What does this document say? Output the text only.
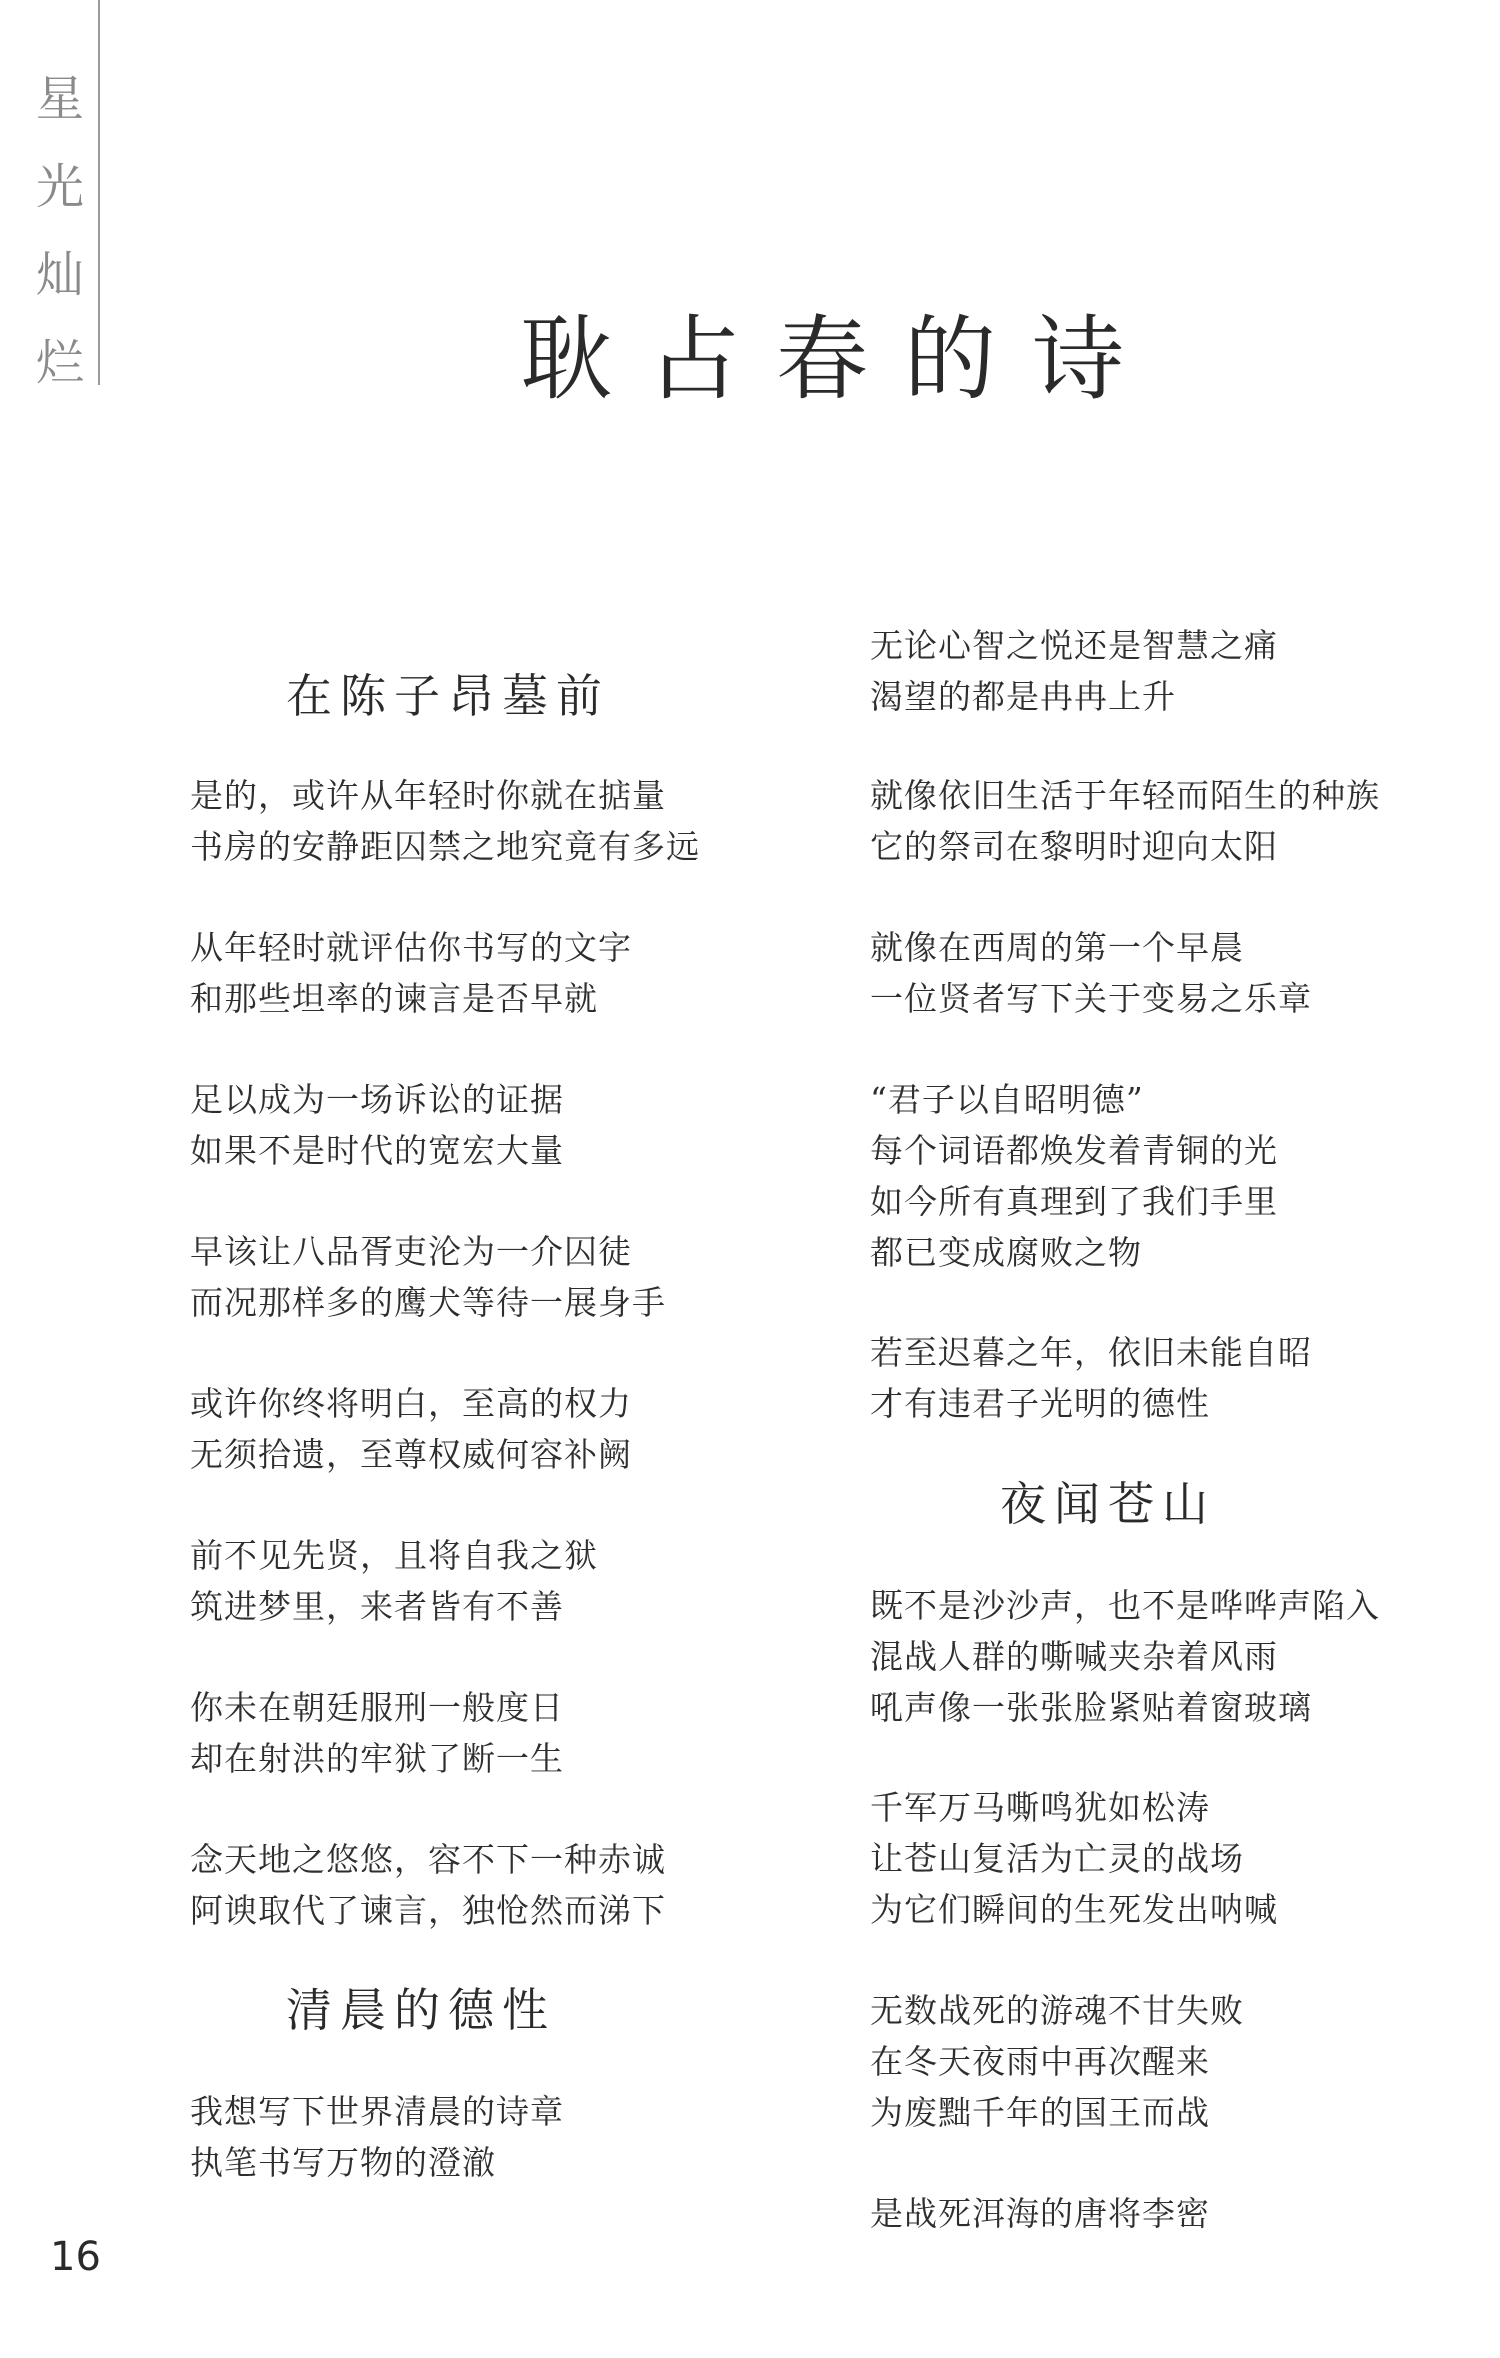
星
光
灿
烂	耿占春的诗
在陈子昂墓前
是的，或许从年轻时你就在掂量
书房的安静距囚禁之地究竟有多远
从年轻时就评估你书写的文字
和那些坦率的谏言是否早就
足以成为一场诉讼的证据
如果不是时代的宽宏大量
早该让八品胥吏沦为一介囚徒
而况那样多的鹰犬等待一展身手
或许你终将明白，至高的权力
无须拾遗，至尊权威何容补阙
前不见先贤，且将自我之狱
筑进梦里，来者皆有不善
你未在朝廷服刑一般度日
却在射洪的牢狱了断一生
念天地之悠悠，容不下一种赤诚
阿谀取代了谏言，独怆然而涕下
清晨的德性
我想写下世界清晨的诗章
执笔书写万物的澄澈
无论心智之悦还是智慧之痛
渴望的都是冉冉上升
就像依旧生活于年轻而陌生的种族
它的祭司在黎明时迎向太阳
就像在西周的第一个早晨
一位贤者写下关于变易之乐章
“君子以自昭明德”
每个词语都焕发着青铜的光
如今所有真理到了我们手里
都已变成腐败之物
若至迟暮之年，依旧未能自昭
才有违君子光明的德性
夜闻苍山
既不是沙沙声，也不是哗哗声陷入
混战人群的嘶喊夹杂着风雨
吼声像一张张脸紧贴着窗玻璃
千军万马嘶鸣犹如松涛
让苍山复活为亡灵的战场
为它们瞬间的生死发出呐喊
无数战死的游魂不甘失败
在冬天夜雨中再次醒来
为废黜千年的国王而战
是战死洱海的唐将李密
16
